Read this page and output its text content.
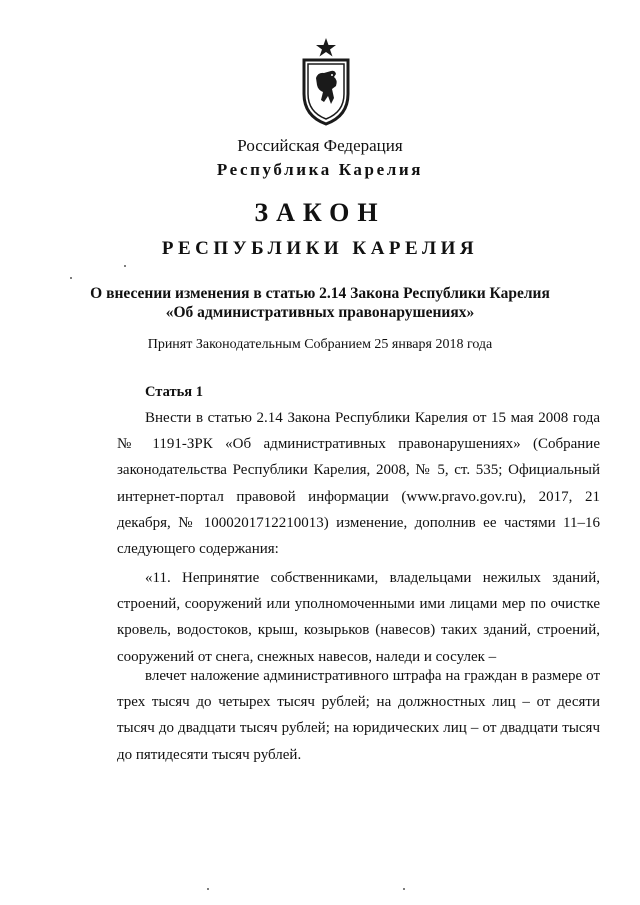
Российская Федерация
Республика Карелия
ЗАКОН
РЕСПУБЛИКИ КАРЕЛИЯ
О внесении изменения в статью 2.14 Закона Республики Карелия
«Об административных правонарушениях»
Принят Законодательным Собранием 25 января 2018 года
Статья 1

Внести в статью 2.14 Закона Республики Карелия от 15 мая 2008 года № 1191-ЗРК «Об административных правонарушениях» (Собрание законодательства Республики Карелия, 2008, № 5, ст. 535; Официальный интернет-портал правовой информации (www.pravo.gov.ru), 2017, 21 декабря, № 1000201712210013) изменение, дополнив ее частями 11–16 следующего содержания:

«11. Непринятие собственниками, владельцами нежилых зданий, строений, сооружений или уполномоченными ими лицами мер по очистке кровель, водостоков, крыш, козырьков (навесов) таких зданий, строений, сооружений от снега, снежных навесов, наледи и сосулек –

влечет наложение административного штрафа на граждан в размере от трех тысяч до четырех тысяч рублей; на должностных лиц – от десяти тысяч до двадцати тысяч рублей; на юридических лиц – от двадцати тысяч до пятидесяти тысяч рублей.
